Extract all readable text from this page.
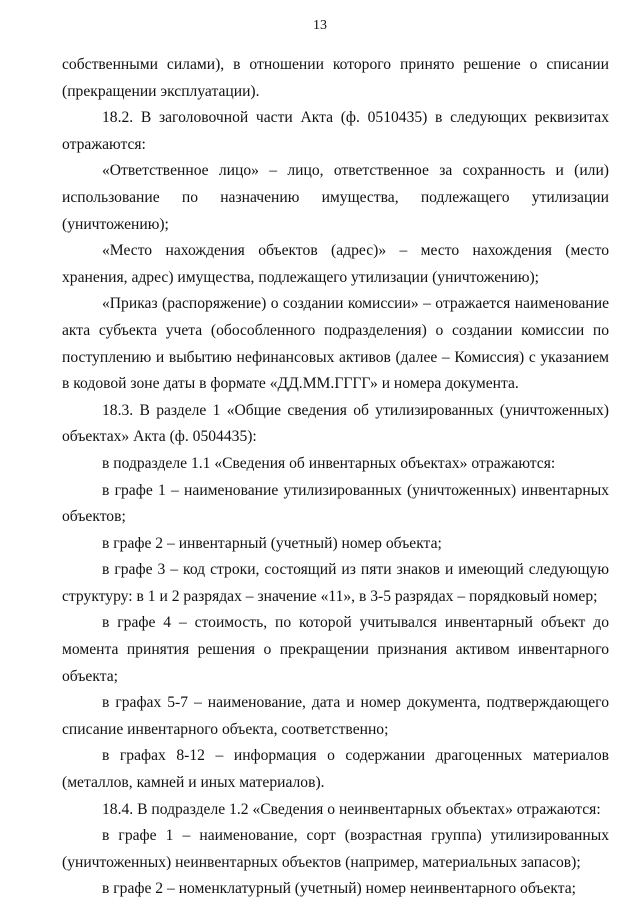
13

собственными силами), в отношении которого принято решение о списании (прекращении эксплуатации).

18.2. В заголовочной части Акта (ф. 0510435) в следующих реквизитах отражаются:

«Ответственное лицо» – лицо, ответственное за сохранность и (или) использование по назначению имущества, подлежащего утилизации (уничтожению);

«Место нахождения объектов (адрес)» – место нахождения (место хранения, адрес) имущества, подлежащего утилизации (уничтожению);

«Приказ (распоряжение) о создании комиссии» – отражается наименование акта субъекта учета (обособленного подразделения) о создании комиссии по поступлению и выбытию нефинансовых активов (далее – Комиссия) с указанием в кодовой зоне даты в формате «ДД.ММ.ГГГГ» и номера документа.

18.3. В разделе 1 «Общие сведения об утилизированных (уничтоженных) объектах» Акта (ф. 0504435):

в подразделе 1.1 «Сведения об инвентарных объектах» отражаются:

в графе 1 – наименование утилизированных (уничтоженных) инвентарных объектов;

в графе 2 – инвентарный (учетный) номер объекта;

в графе 3 – код строки, состоящий из пяти знаков и имеющий следующую структуру: в 1 и 2 разрядах – значение «11», в 3-5 разрядах – порядковый номер;

в графе 4 – стоимость, по которой учитывался инвентарный объект до момента принятия решения о прекращении признания активом инвентарного объекта;

в графах 5-7 – наименование, дата и номер документа, подтверждающего списание инвентарного объекта, соответственно;

в графах 8-12 – информация о содержании драгоценных материалов (металлов, камней и иных материалов).

18.4. В подразделе 1.2 «Сведения о неинвентарных объектах» отражаются:

в графе 1 – наименование, сорт (возрастная группа) утилизированных (уничтоженных) неинвентарных объектов (например, материальных запасов);

в графе 2 – номенклатурный (учетный) номер неинвентарного объекта;
